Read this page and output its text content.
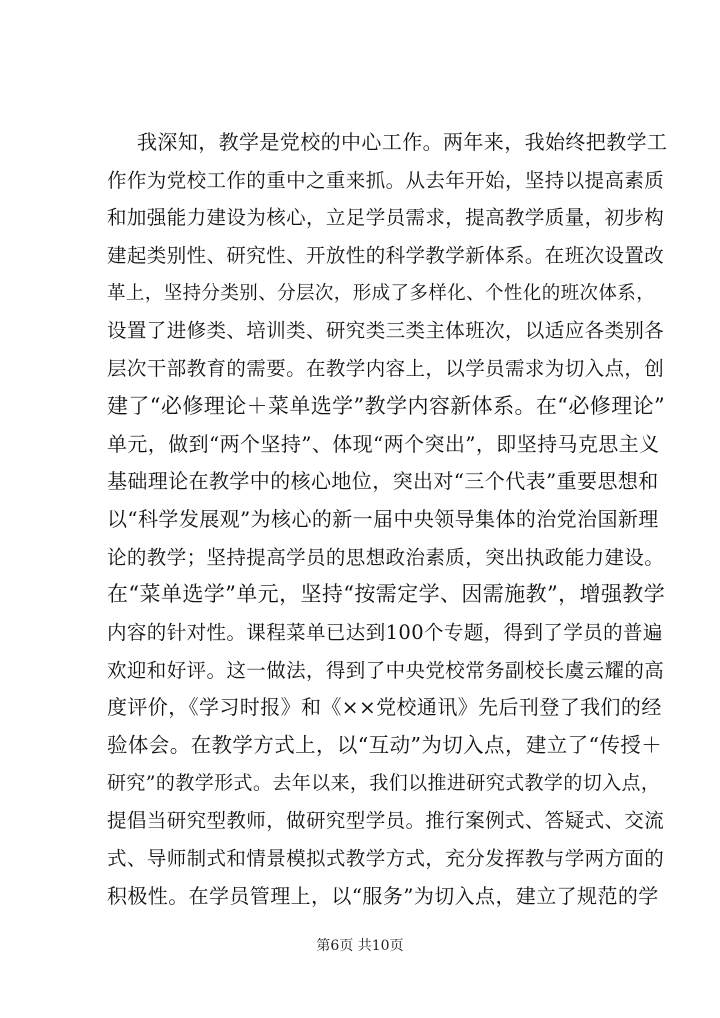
我深知，教学是党校的中心工作。两年来，我始终把教学工
作作为党校工作的重中之重来抓。从去年开始，坚持以提高素质
和加强能力建设为核心，立足学员需求，提高教学质量，初步构
建起类别性、研究性、开放性的科学教学新体系。在班次设置改
革上，坚持分类别、分层次，形成了多样化、个性化的班次体系，
设置了进修类、培训类、研究类三类主体班次，以适应各类别各
层次干部教育的需要。在教学内容上，以学员需求为切入点，创
建了“必修理论＋菜单选学”教学内容新体系。在“必修理论”
单元，做到“两个坚持”、体现“两个突出”，即坚持马克思主义
基础理论在教学中的核心地位，突出对“三个代表”重要思想和
以“科学发展观”为核心的新一届中央领导集体的治党治国新理
论的教学；坚持提高学员的思想政治素质，突出执政能力建设。
在“菜单选学”单元，坚持“按需定学、因需施教”，增强教学
内容的针对性。课程菜单已达到100个专题，得到了学员的普遍
欢迎和好评。这一做法，得到了中央党校常务副校长虞云耀的高
度评价，《学习时报》和《××党校通讯》先后刊登了我们的经
验体会。在教学方式上，以“互动”为切入点，建立了“传授＋
研究”的教学形式。去年以来，我们以推进研究式教学的切入点，
提倡当研究型教师，做研究型学员。推行案例式、答疑式、交流
式、导师制式和情景模拟式教学方式，充分发挥教与学两方面的
积极性。在学员管理上，以“服务”为切入点，建立了规范的学
第6页 共10页
